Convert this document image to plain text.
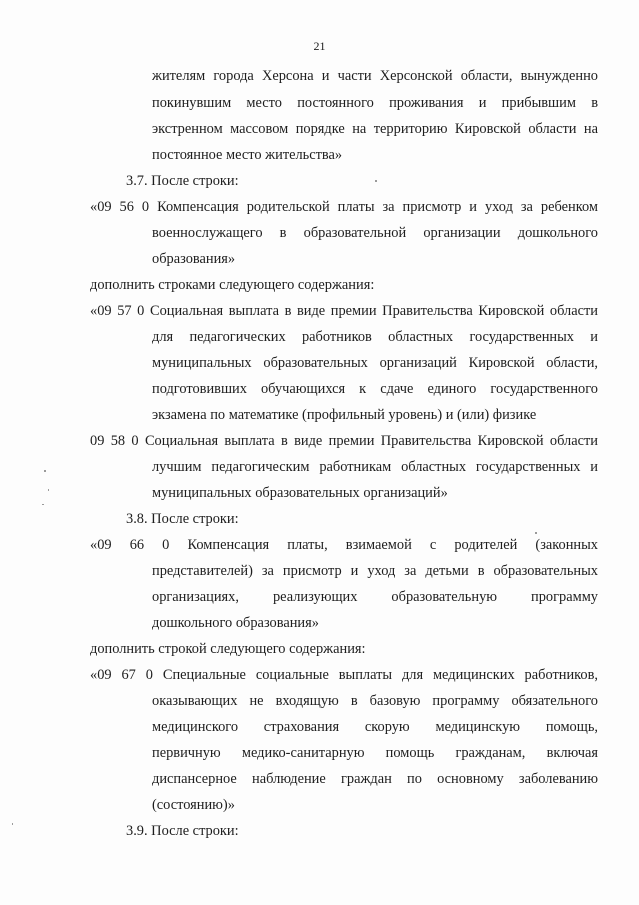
21
жителям города Херсона и части Херсонской области, вынужденно
покинувшим место постоянного проживания и прибывшим в
экстренном массовом порядке на территорию Кировской области на
постоянное место жительства»
3.7. После строки:
«09 56 0 Компенсация родительской платы за присмотр и уход за ребенком
военнослужащего в образовательной организации дошкольного
образования»
дополнить строками следующего содержания:
«09 57 0 Социальная выплата в виде премии Правительства Кировской области
для педагогических работников областных государственных и
муниципальных образовательных организаций Кировской области,
подготовивших обучающихся к сдаче единого государственного
экзамена по математике (профильный уровень) и (или) физике
09 58 0 Социальная выплата в виде премии Правительства Кировской области
лучшим педагогическим работникам областных государственных и
муниципальных образовательных организаций»
3.8. После строки:
«09 66 0 Компенсация платы, взимаемой с родителей (законных
представителей) за присмотр и уход за детьми в образовательных
организациях, реализующих образовательную программу
дошкольного образования»
дополнить строкой следующего содержания:
«09 67 0 Специальные социальные выплаты для медицинских работников,
оказывающих не входящую в базовую программу обязательного
медицинского страхования скорую медицинскую помощь,
первичную медико-санитарную помощь гражданам, включая
диспансерное наблюдение граждан по основному заболеванию
(состоянию)»
3.9. После строки:
